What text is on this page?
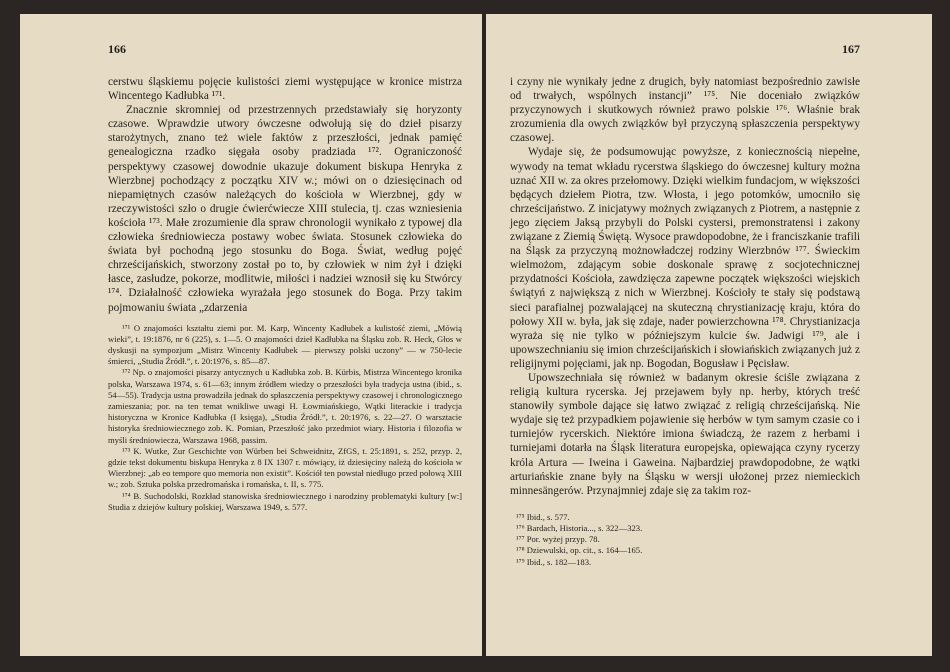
166

cerstwu śląskiemu pojęcie kulistości ziemi występujące w kronice mistrza Wincentego Kadłubka ¹⁷¹.

Znacznie skromniej od przestrzennych przedstawiały się horyzonty czasowe. Wprawdzie utwory ówczesne odwołują się do dzieł pisarzy starożytnych, znano też wiele faktów z przeszłości, jednak pamięć genealogiczna rzadko sięgała osoby pradziada ¹⁷². Ograniczoność perspektywy czasowej dowodnie ukazuje dokument biskupa Henryka z Wierzbnej pochodzący z początku XIV w.; mówi on o dziesięcinach od niepamiętnych czasów należących do kościoła w Wierzbnej, gdy w rzeczywistości szło o drugie ćwierćwiecze XIII stulecia, tj. czas wzniesienia kościoła ¹⁷³. Małe zrozumienie dla spraw chronologii wynikało z typowej dla człowieka średniowiecza postawy wobec świata. Stosunek człowieka do świata był pochodną jego stosunku do Boga. Świat, według pojęć chrześcijańskich, stworzony został po to, by człowiek w nim żył i dzięki łasce, zasłudze, pokorze, modlitwie, miłości i nadziei wznosił się ku Stwórcy ¹⁷⁴. Działalność człowieka wyrażała jego stosunek do Boga. Przy takim pojmowaniu świata „zdarzenia

¹⁷¹ O znajomości kształtu ziemi por. M. Karp, Wincenty Kadłubek a kulistość ziemi, „Mówią wieki”, t. 19:1876, nr 6 (225), s. 1—5. O znajomości dzieł Kadłubka na Śląsku zob. R. Heck, Głos w dyskusji na sympozjum „Mistrz Wincenty Kadłubek — pierwszy polski uczony” — w 750-lecie śmierci, „Studia Źródł.”, t. 20:1976, s. 85—87.

¹⁷² Np. o znajomości pisarzy antycznych u Kadłubka zob. B. Kürbis, Mistrza Wincentego kronika polska, Warszawa 1974, s. 61—63; innym źródłem wiedzy o przeszłości była tradycja ustna (ibid., s. 54—55). Tradycja ustna prowadziła jednak do spłaszczenia perspektywy czasowej i chronologicznego zamieszania; por. na ten temat wnikliwe uwagi H. Łowmiańskiego, Wątki literackie i tradycja historyczna w Kronice Kadłubka (I księga), „Studia Źródł.”, t. 20:1976, s. 22—27. O warsztacie historyka średniowiecznego zob. K. Pomian, Przeszłość jako przedmiot wiary. Historia i filozofia w myśli średniowiecza, Warszawa 1968, passim.

¹⁷³ K. Wutke, Zur Geschichte von Würben bei Schweidnitz, ZfGS, t. 25:1891, s. 252, przyp. 2, gdzie tekst dokumentu biskupa Henryka z 8 IX 1307 r. mówiący, iż dziesięciny należą do kościoła w Wierzbnej: „ab eo tempore quo memoria non existit”. Kościół ten powstał niedługo przed połową XIII w.; zob. Sztuka polska przedromańska i romańska, t. II, s. 775.

¹⁷⁴ B. Suchodolski, Rozkład stanowiska średniowiecznego i narodziny problematyki kultury [w:] Studia z dziejów kultury polskiej, Warszawa 1949, s. 577.

167

i czyny nie wynikały jedne z drugich, były natomiast bezpośrednio zawisłe od trwałych, wspólnych instancji” ¹⁷⁵. Nie doceniało związków przyczynowych i skutkowych również prawo polskie ¹⁷⁶. Właśnie brak zrozumienia dla owych związków był przyczyną spłaszczenia perspektywy czasowej.

Wydaje się, że podsumowując powyższe, z koniecznością niepełne, wywody na temat wkładu rycerstwa śląskiego do ówczesnej kultury można uznać XII w. za okres przełomowy. Dzięki wielkim fundacjom, w większości będących dziełem Piotra, tzw. Włosta, i jego potomków, umocniło się chrześcijaństwo. Z inicjatywy możnych związanych z Piotrem, a następnie z jego zięciem Jaksą przybyli do Polski cystersi, premonstratensi i zakony związane z Ziemią Świętą. Wysoce prawdopodobne, że i franciszkanie trafili na Śląsk za przyczyną możnowładczej rodziny Wierzbnów ¹⁷⁷. Świeckim wielmożom, zdającym sobie doskonale sprawę z socjotechnicznej przydatności Kościoła, zawdzięcza zapewne początek większości wiejskich świątyń z największą z nich w Wierzbnej. Kościoły te stały się podstawą sieci parafialnej pozwalającej na skuteczną chrystianizację kraju, która do połowy XII w. była, jak się zdaje, nader powierzchowna ¹⁷⁸. Chrystianizacja wyraża się nie tylko w późniejszym kulcie św. Jadwigi ¹⁷⁹, ale i upowszechnianiu się imion chrześcijańskich i słowiańskich związanych już z religijnymi pojęciami, jak np. Bogodan, Bogusław i Pęcisław.

Upowszechniała się również w badanym okresie ściśle związana z religią kultura rycerska. Jej przejawem były np. herby, których treść stanowiły symbole dające się łatwo związać z religią chrześcijańską. Nie wydaje się też przypadkiem pojawienie się herbów w tym samym czasie co i turniejów rycerskich. Niektóre imiona świadczą, że razem z herbami i turniejami dotarła na Śląsk literatura europejska, opiewająca czyny rycerzy króla Artura — Iweina i Gaweina. Najbardziej prawdopodobne, że wątki arturiańskie znane były na Śląsku w wersji ułożonej przez niemieckich minnesängerów. Przynajmniej zdaje się za takim roz-

¹⁷⁵ Ibid., s. 577.

¹⁷⁶ Bardach, Historia..., s. 322—323.

¹⁷⁷ Por. wyżej przyp. 78.

¹⁷⁸ Dziewulski, op. cit., s. 164—165.

¹⁷⁹ Ibid., s. 182—183.
